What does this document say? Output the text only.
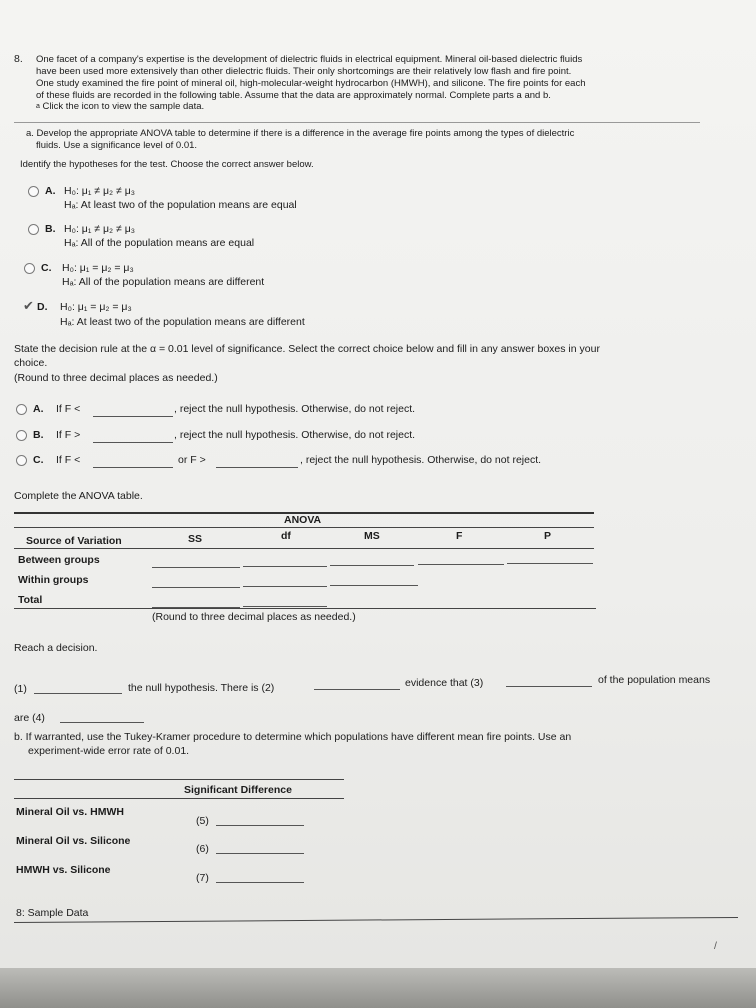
8. One facet of a company's expertise is the development of dielectric fluids in electrical equipment. Mineral oil-based dielectric fluids
have been used more extensively than other dielectric fluids. Their only shortcomings are their relatively low flash and fire point.
One study examined the fire point of mineral oil, high-molecular-weight hydrocarbon (HMWH), and silicone. The fire points for each
of these fluids are recorded in the following table. Assume that the data are approximately normal. Complete parts a and b.
$^a$ Click the icon to view the sample data.
a. Develop the appropriate ANOVA table to determine if there is a difference in the average fire points among the types of dielectric
fluids. Use a significance level of 0.01.
Identify the hypotheses for the test. Choose the correct answer below.
A. H₀: μ₁ ≠ μ₂ ≠ μ₃
Hₐ: At least two of the population means are equal
B. H₀: μ₁ ≠ μ₂ ≠ μ₃
Hₐ: All of the population means are equal
C. H₀: μ₁ = μ₂ = μ₃
Hₐ: All of the population means are different
✔ D. H₀: μ₁ = μ₂ = μ₃
Hₐ: At least two of the population means are different
State the decision rule at the α = 0.01 level of significance. Select the correct choice below and fill in any answer boxes in your
choice.
(Round to three decimal places as needed.)
A. If F <	, reject the null hypothesis. Otherwise, do not reject.
B. If F >	, reject the null hypothesis. Otherwise, do not reject.
C. If F <	or F >	, reject the null hypothesis. Otherwise, do not reject.
Complete the ANOVA table.
ANOVA
Source of Variation	SS	df	MS	F	P
Between groups
Within groups
Total
(Round to three decimal places as needed.)
Reach a decision.
(1)	the null hypothesis. There is (2)	evidence that (3)	of the population means
are (4)
b. If warranted, use the Tukey-Kramer procedure to determine which populations have different mean fire points. Use an
experiment-wide error rate of 0.01.
Significant Difference
Mineral Oil vs. HMWH
(5)
Mineral Oil vs. Silicone
(6)
HMWH vs. Silicone
(7)
8: Sample Data
/
